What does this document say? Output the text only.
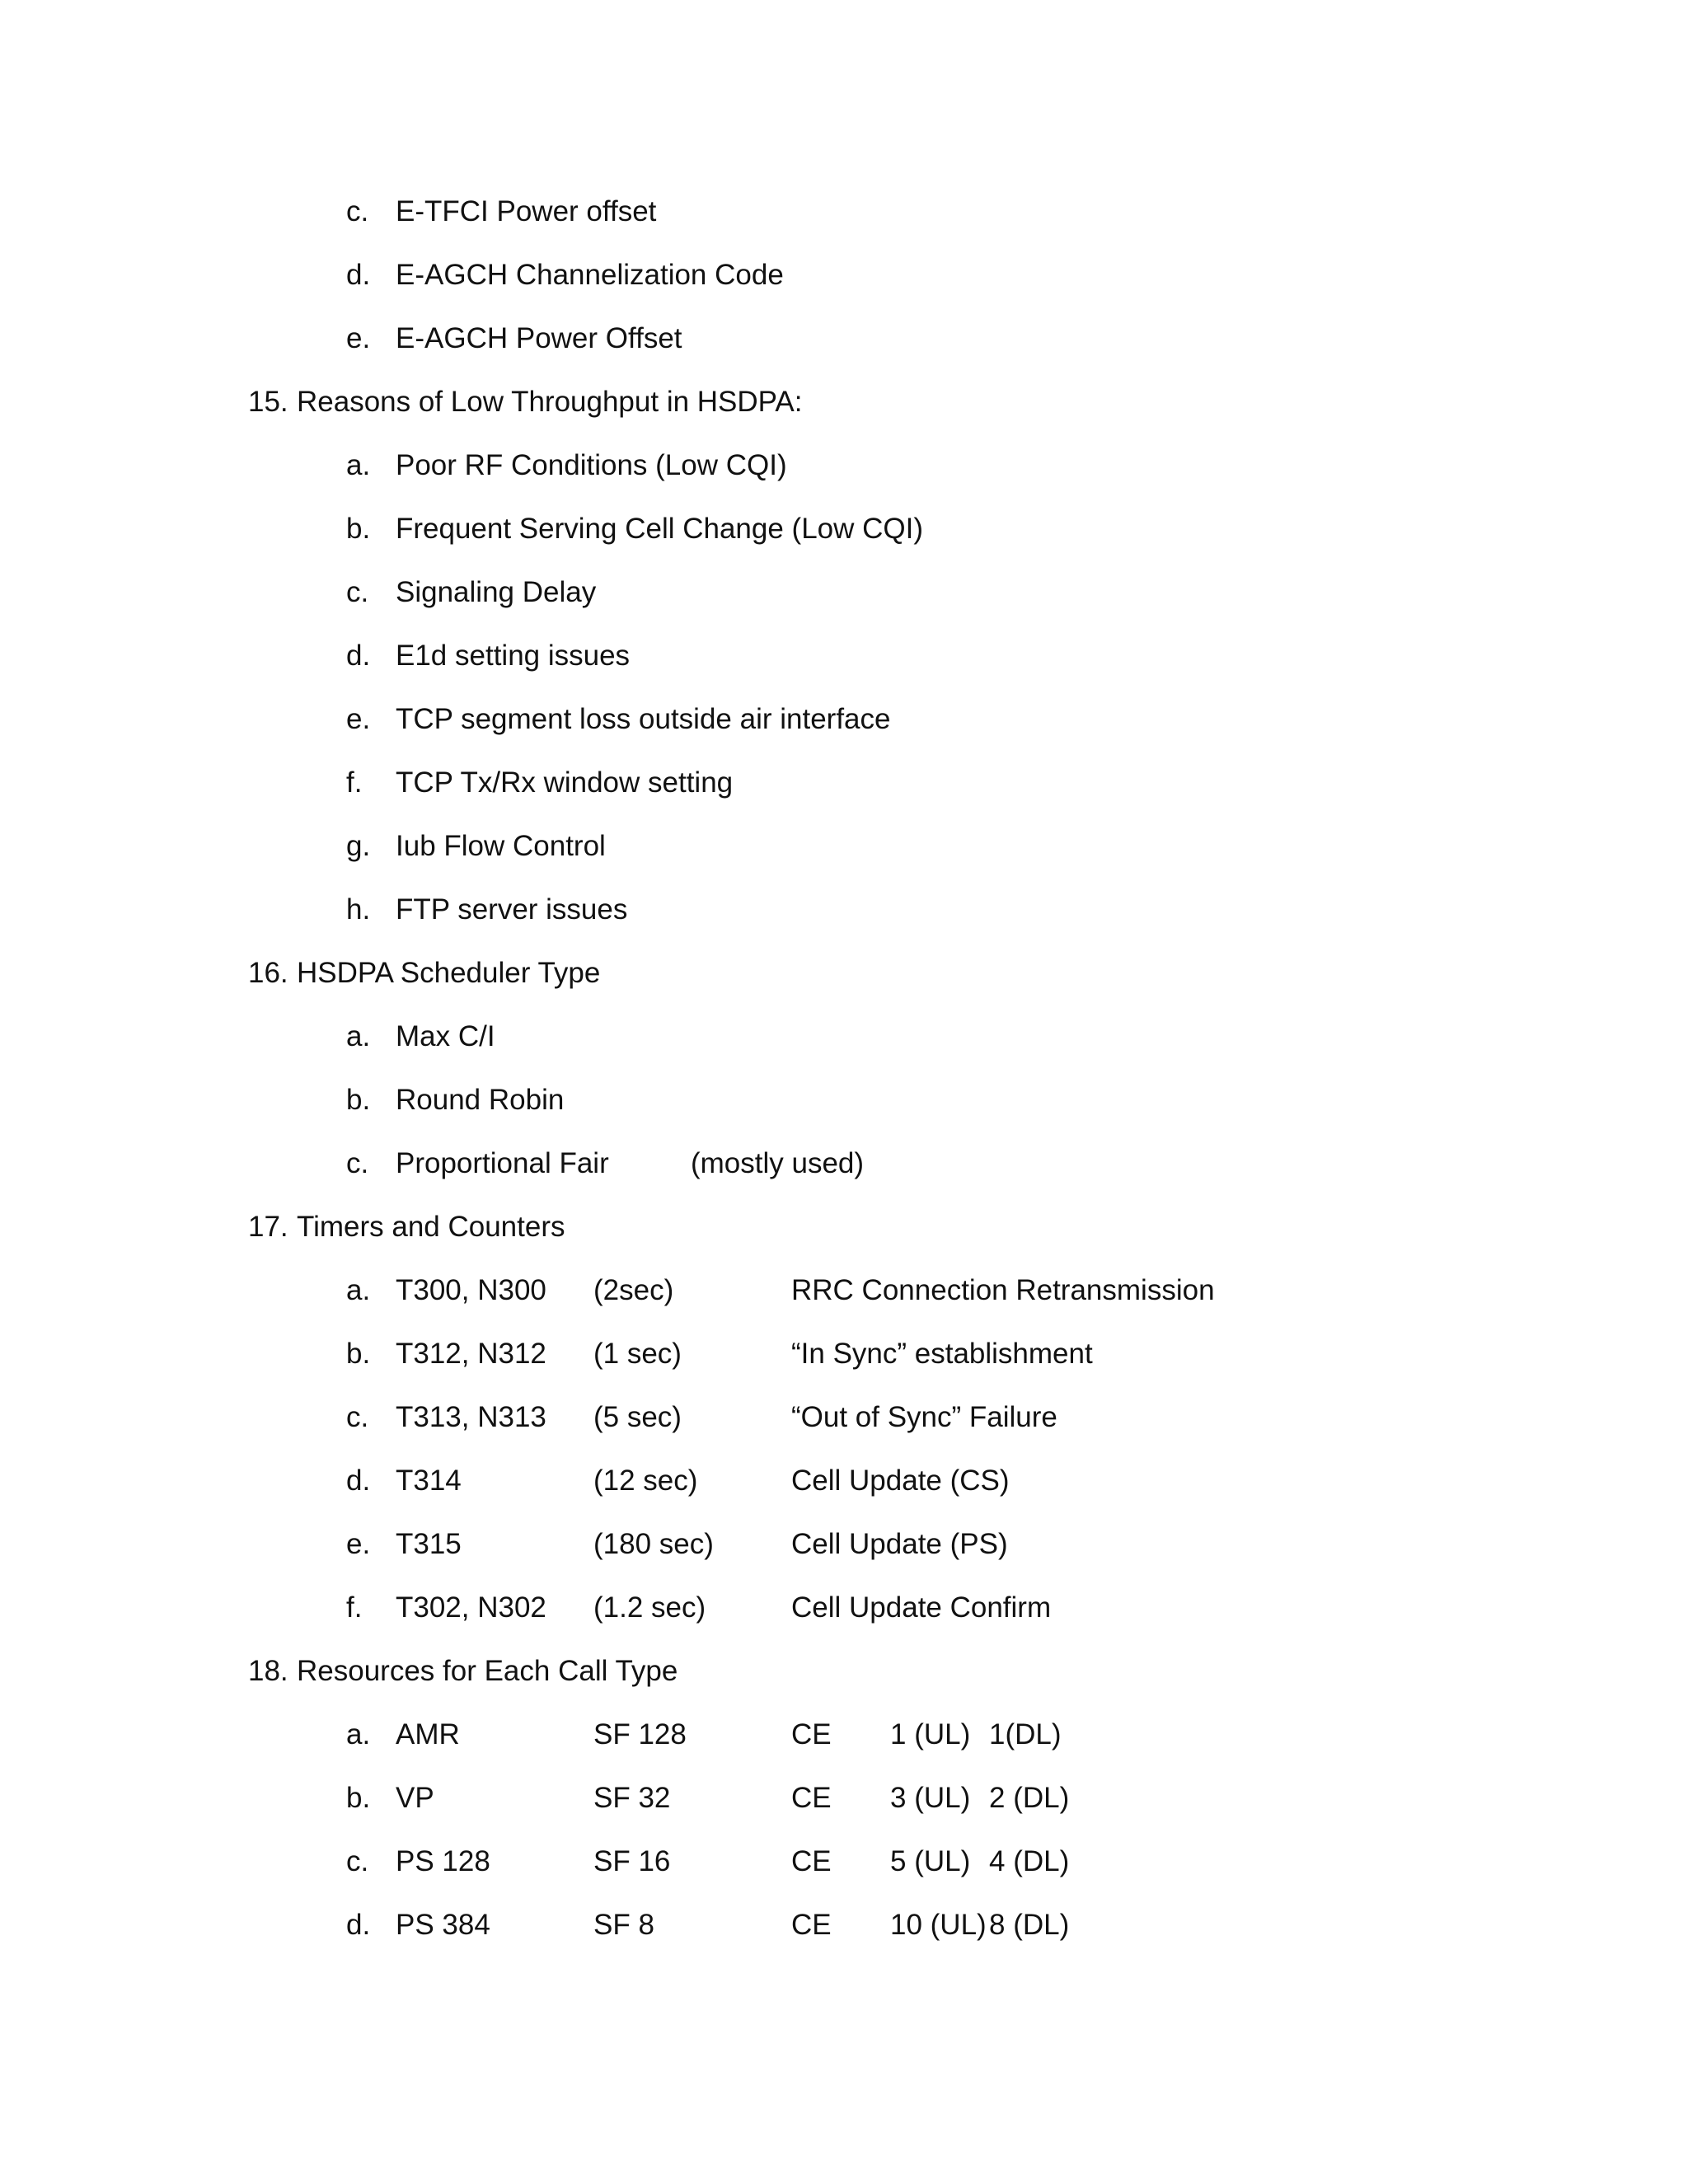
c. E-TFCI Power offset
d. E-AGCH Channelization Code
e. E-AGCH Power Offset
15. Reasons of Low Throughput in HSDPA:
a. Poor RF Conditions (Low CQI)
b. Frequent Serving Cell Change (Low CQI)
c. Signaling Delay
d. E1d setting issues
e. TCP segment loss outside air interface
f. TCP Tx/Rx window setting
g. Iub Flow Control
h. FTP server issues
16. HSDPA Scheduler Type
a. Max C/I
b. Round Robin
c. Proportional Fair	(mostly used)
17. Timers and Counters
a. T300, N300 (2sec)	RRC Connection Retransmission
b. T312, N312 (1 sec)	“In Sync” establishment
c. T313, N313 (5 sec)	“Out of Sync” Failure
d. T314	(12 sec)	Cell Update (CS)
e. T315	(180 sec)	Cell Update (PS)
f. T302, N302 (1.2 sec)	Cell Update Confirm
18. Resources for Each Call Type
a. AMR	SF 128	CE 1 (UL) 1(DL)
b. VP	SF 32	CE 3 (UL) 2 (DL)
c. PS 128	SF 16	CE 5 (UL) 4 (DL)
d. PS 384	SF 8	CE 10 (UL) 8 (DL)
